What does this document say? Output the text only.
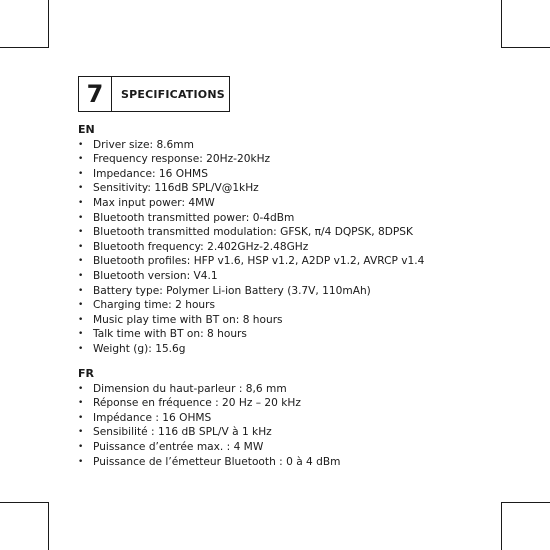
7	SPECIFICATIONS
EN
• Driver size: 8.6mm
• Frequency response: 20Hz-20kHz
• Impedance: 16 OHMS
• Sensitivity: 116dB SPL/V@1kHz
• Max input power: 4MW
• Bluetooth transmitted power: 0-4dBm
• Bluetooth transmitted modulation: GFSK, π/4 DQPSK, 8DPSK
• Bluetooth frequency: 2.402GHz-2.48GHz
• Bluetooth profiles: HFP v1.6, HSP v1.2, A2DP v1.2, AVRCP v1.4
• Bluetooth version: V4.1
• Battery type: Polymer Li-ion Battery (3.7V, 110mAh)
• Charging time: 2 hours
• Music play time with BT on: 8 hours
• Talk time with BT on: 8 hours
• Weight (g): 15.6g
FR
• Dimension du haut-parleur : 8,6 mm
• Réponse en fréquence : 20 Hz – 20 kHz
• Impédance : 16 OHMS
• Sensibilité : 116 dB SPL/V à 1 kHz
• Puissance d’entrée max. : 4 MW
• Puissance de l’émetteur Bluetooth : 0 à 4 dBm
